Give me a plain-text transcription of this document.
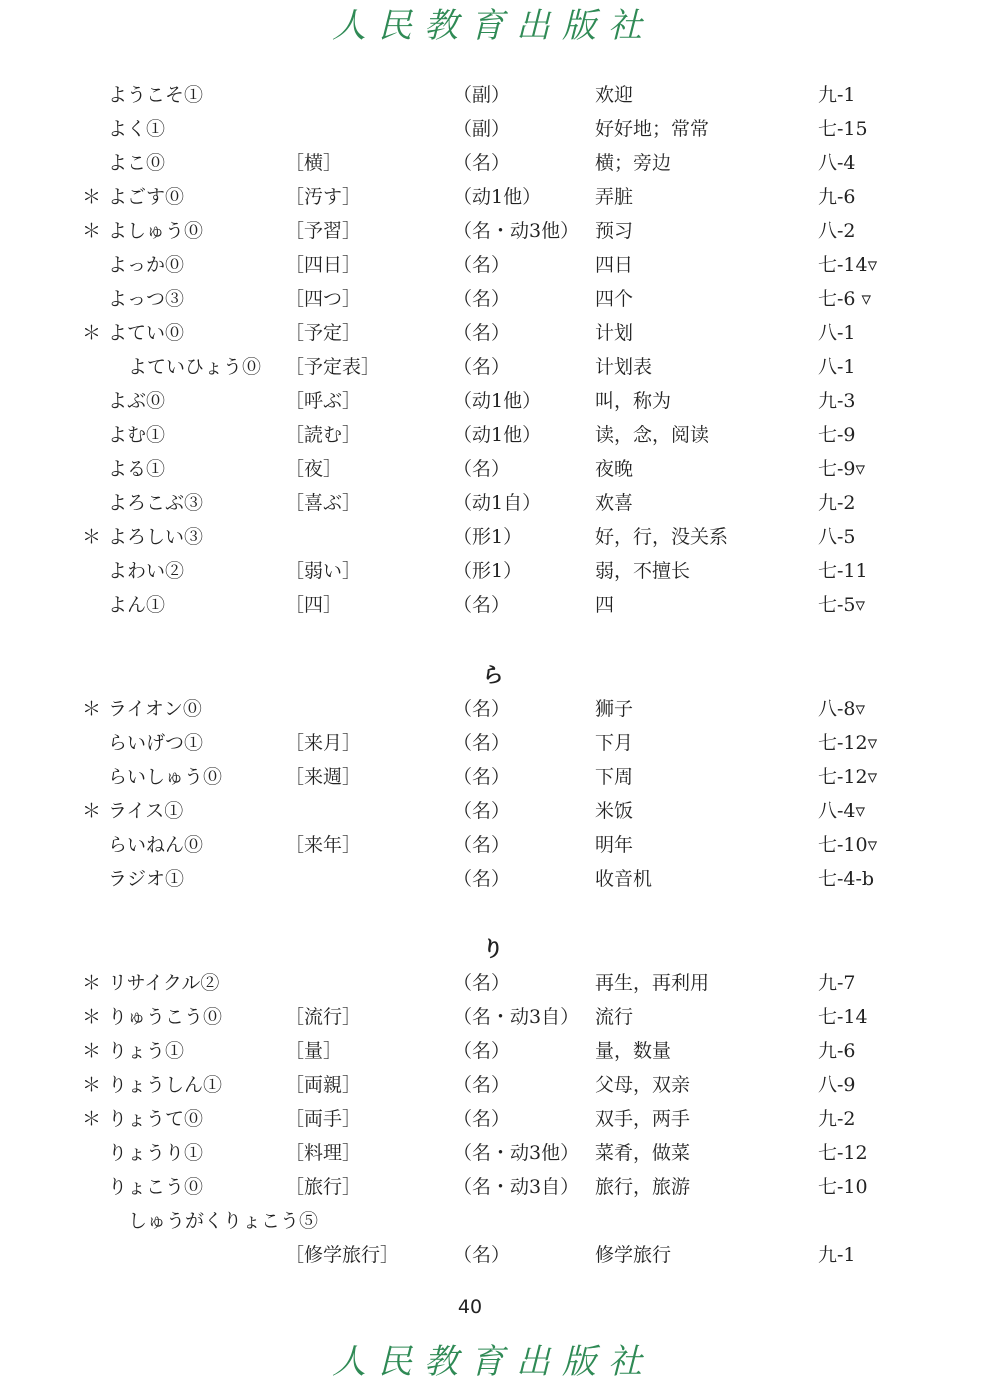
人民教育出版社
ようこそ①	（副）	欢迎	九-1
よく①	（副）	好好地；常常	七-15
よこ⓪	［横］	（名）	横；旁边	八-4
＊ よごす⓪	［汚す］	（动1他）	弄脏	九-6
＊ よしゅう⓪	［予習］	（名・动3他） 预习	八-2
よっか⓪	［四日］	（名）	四日	七-14▿
よっつ③	［四つ］	（名）	四个	七-6 ▿
＊ よてい⓪	［予定］	（名）	计划	八-1
よていひょう⓪ ［予定表］	（名）	计划表	八-1
よぶ⓪	［呼ぶ］	（动1他）	叫，称为	九-3
よむ①	［読む］	（动1他）	读，念，阅读	七-9
よる①	［夜］	（名）	夜晚	七-9▿
よろこぶ③	［喜ぶ］	（动1自）	欢喜	九-2
＊ よろしい③	（形1）	好，行，没关系	八-5
よわい②	［弱い］	（形1）	弱，不擅长	七-11
よん①	［四］	（名）	四	七-5▿
ら
＊ ライオン⓪	（名）	狮子	八-8▿
らいげつ①	［来月］	（名）	下月	七-12▿
らいしゅう⓪	［来週］	（名）	下周	七-12▿
＊ ライス①	（名）	米饭	八-4▿
らいねん⓪	［来年］	（名）	明年	七-10▿
ラジオ①	（名）	收音机	七-4-b
り
＊ リサイクル②	（名）	再生，再利用	九-7
＊ りゅうこう⓪	［流行］	（名・动3自） 流行	七-14
＊ りょう①	［量］	（名）	量，数量	九-6
＊ りょうしん①	［両親］	（名）	父母，双亲	八-9
＊ りょうて⓪	［両手］	（名）	双手，两手	九-2
りょうり①	［料理］	（名・动3他） 菜肴，做菜	七-12
りょこう⓪	［旅行］	（名・动3自） 旅行，旅游	七-10
しゅうがくりょこう⑤
［修学旅行］	（名）	修学旅行	九-1
40
人民教育出版社
